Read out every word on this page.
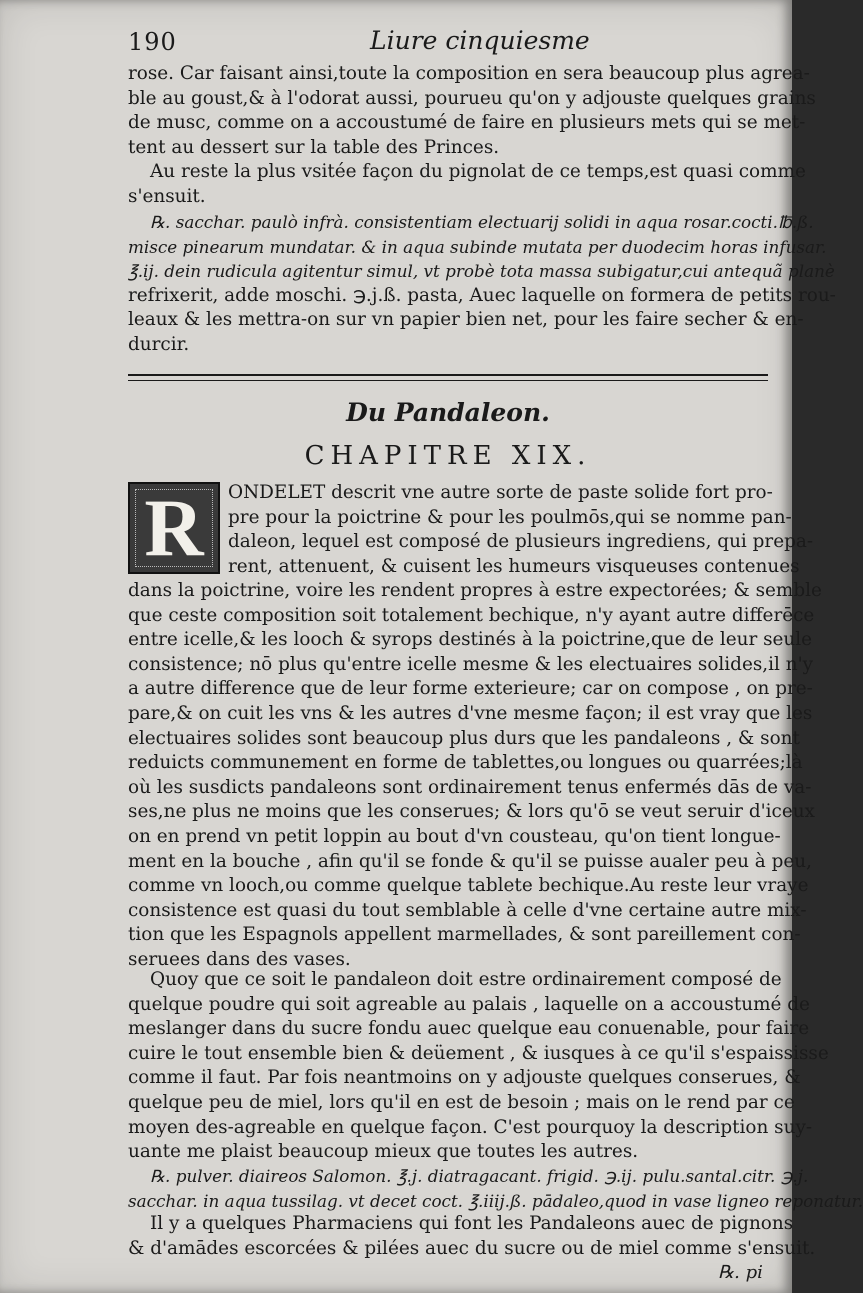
190	Liure cinquiesme
rose. Car faisant ainsi,toute la composition en sera beaucoup plus agrea-
ble au goust,& à l'odorat aussi, pourueu qu'on y adjouste quelques grains
de musc, comme on a accoustumé de faire en plusieurs mets qui se met-
tent au dessert sur la table des Princes.
Au reste la plus vsitée façon du pignolat de ce temps,est quasi comme
s'ensuit.
℞. sacchar. paulò infrà. consistentiam electuarij solidi in aqua rosar.cocti.℔.ß.
misce pinearum mundatar. & in aqua subinde mutata per duodecim horas infusar.
℥.ij. dein rudicula agitentur simul, vt probè tota massa subigatur,cui antequã planè
refrixerit, adde moschi. ℈.j.ß. pasta, Auec laquelle on formera de petits rou-
leaux & les mettra-on sur vn papier bien net, pour les faire secher & en-
durcir.
Du Pandaleon.
CHAPITRE XIX.
R ONDELET descrit vne autre sorte de paste solide fort pro-
pre pour la poictrine & pour les poulmōs,qui se nomme pan-
daleon, lequel est composé de plusieurs ingrediens, qui prepa-
rent, attenuent, & cuisent les humeurs visqueuses contenues
dans la poictrine, voire les rendent propres à estre expectorées; & semble
que ceste composition soit totalement bechique, n'y ayant autre differēce
entre icelle,& les looch & syrops destinés à la poictrine,que de leur seule
consistence; nō plus qu'entre icelle mesme & les electuaires solides,il n'y
a autre difference que de leur forme exterieure; car on compose , on pre-
pare,& on cuit les vns & les autres d'vne mesme façon; il est vray que les
electuaires solides sont beaucoup plus durs que les pandaleons , & sont
reduicts communement en forme de tablettes,ou longues ou quarrées;là
où les susdicts pandaleons sont ordinairement tenus enfermés dās de va-
ses,ne plus ne moins que les conserues; & lors qu'ō se veut seruir d'iceux
on en prend vn petit loppin au bout d'vn cousteau, qu'on tient longue-
ment en la bouche , afin qu'il se fonde & qu'il se puisse aualer peu à peu,
comme vn looch,ou comme quelque tablete bechique.Au reste leur vraye
consistence est quasi du tout semblable à celle d'vne certaine autre mix-
tion que les Espagnols appellent marmellades, & sont pareillement con-
seruees dans des vases.
Quoy que ce soit le pandaleon doit estre ordinairement composé de
quelque poudre qui soit agreable au palais , laquelle on a accoustumé de
meslanger dans du sucre fondu auec quelque eau conuenable, pour faire
cuire le tout ensemble bien & deüement , & iusques à ce qu'il s'espaississe
comme il faut. Par fois neantmoins on y adjouste quelques conserues, &
quelque peu de miel, lors qu'il en est de besoin ; mais on le rend par ce
moyen des-agreable en quelque façon. C'est pourquoy la description suy-
uante me plaist beaucoup mieux que toutes les autres.
℞. pulver. diaireos Salomon. ℥.j. diatragacant. frigid. ℈.ij. pulu.santal.citr. ℈.j.
sacchar. in aqua tussilag. vt decet coct. ℥.iiij.ß. pādaleo,quod in vase ligneo reponatur.
Il y a quelques Pharmaciens qui font les Pandaleons auec de pignons
& d'amādes escorcées & pilées auec du sucre ou de miel comme s'ensuit.
℞. pi
